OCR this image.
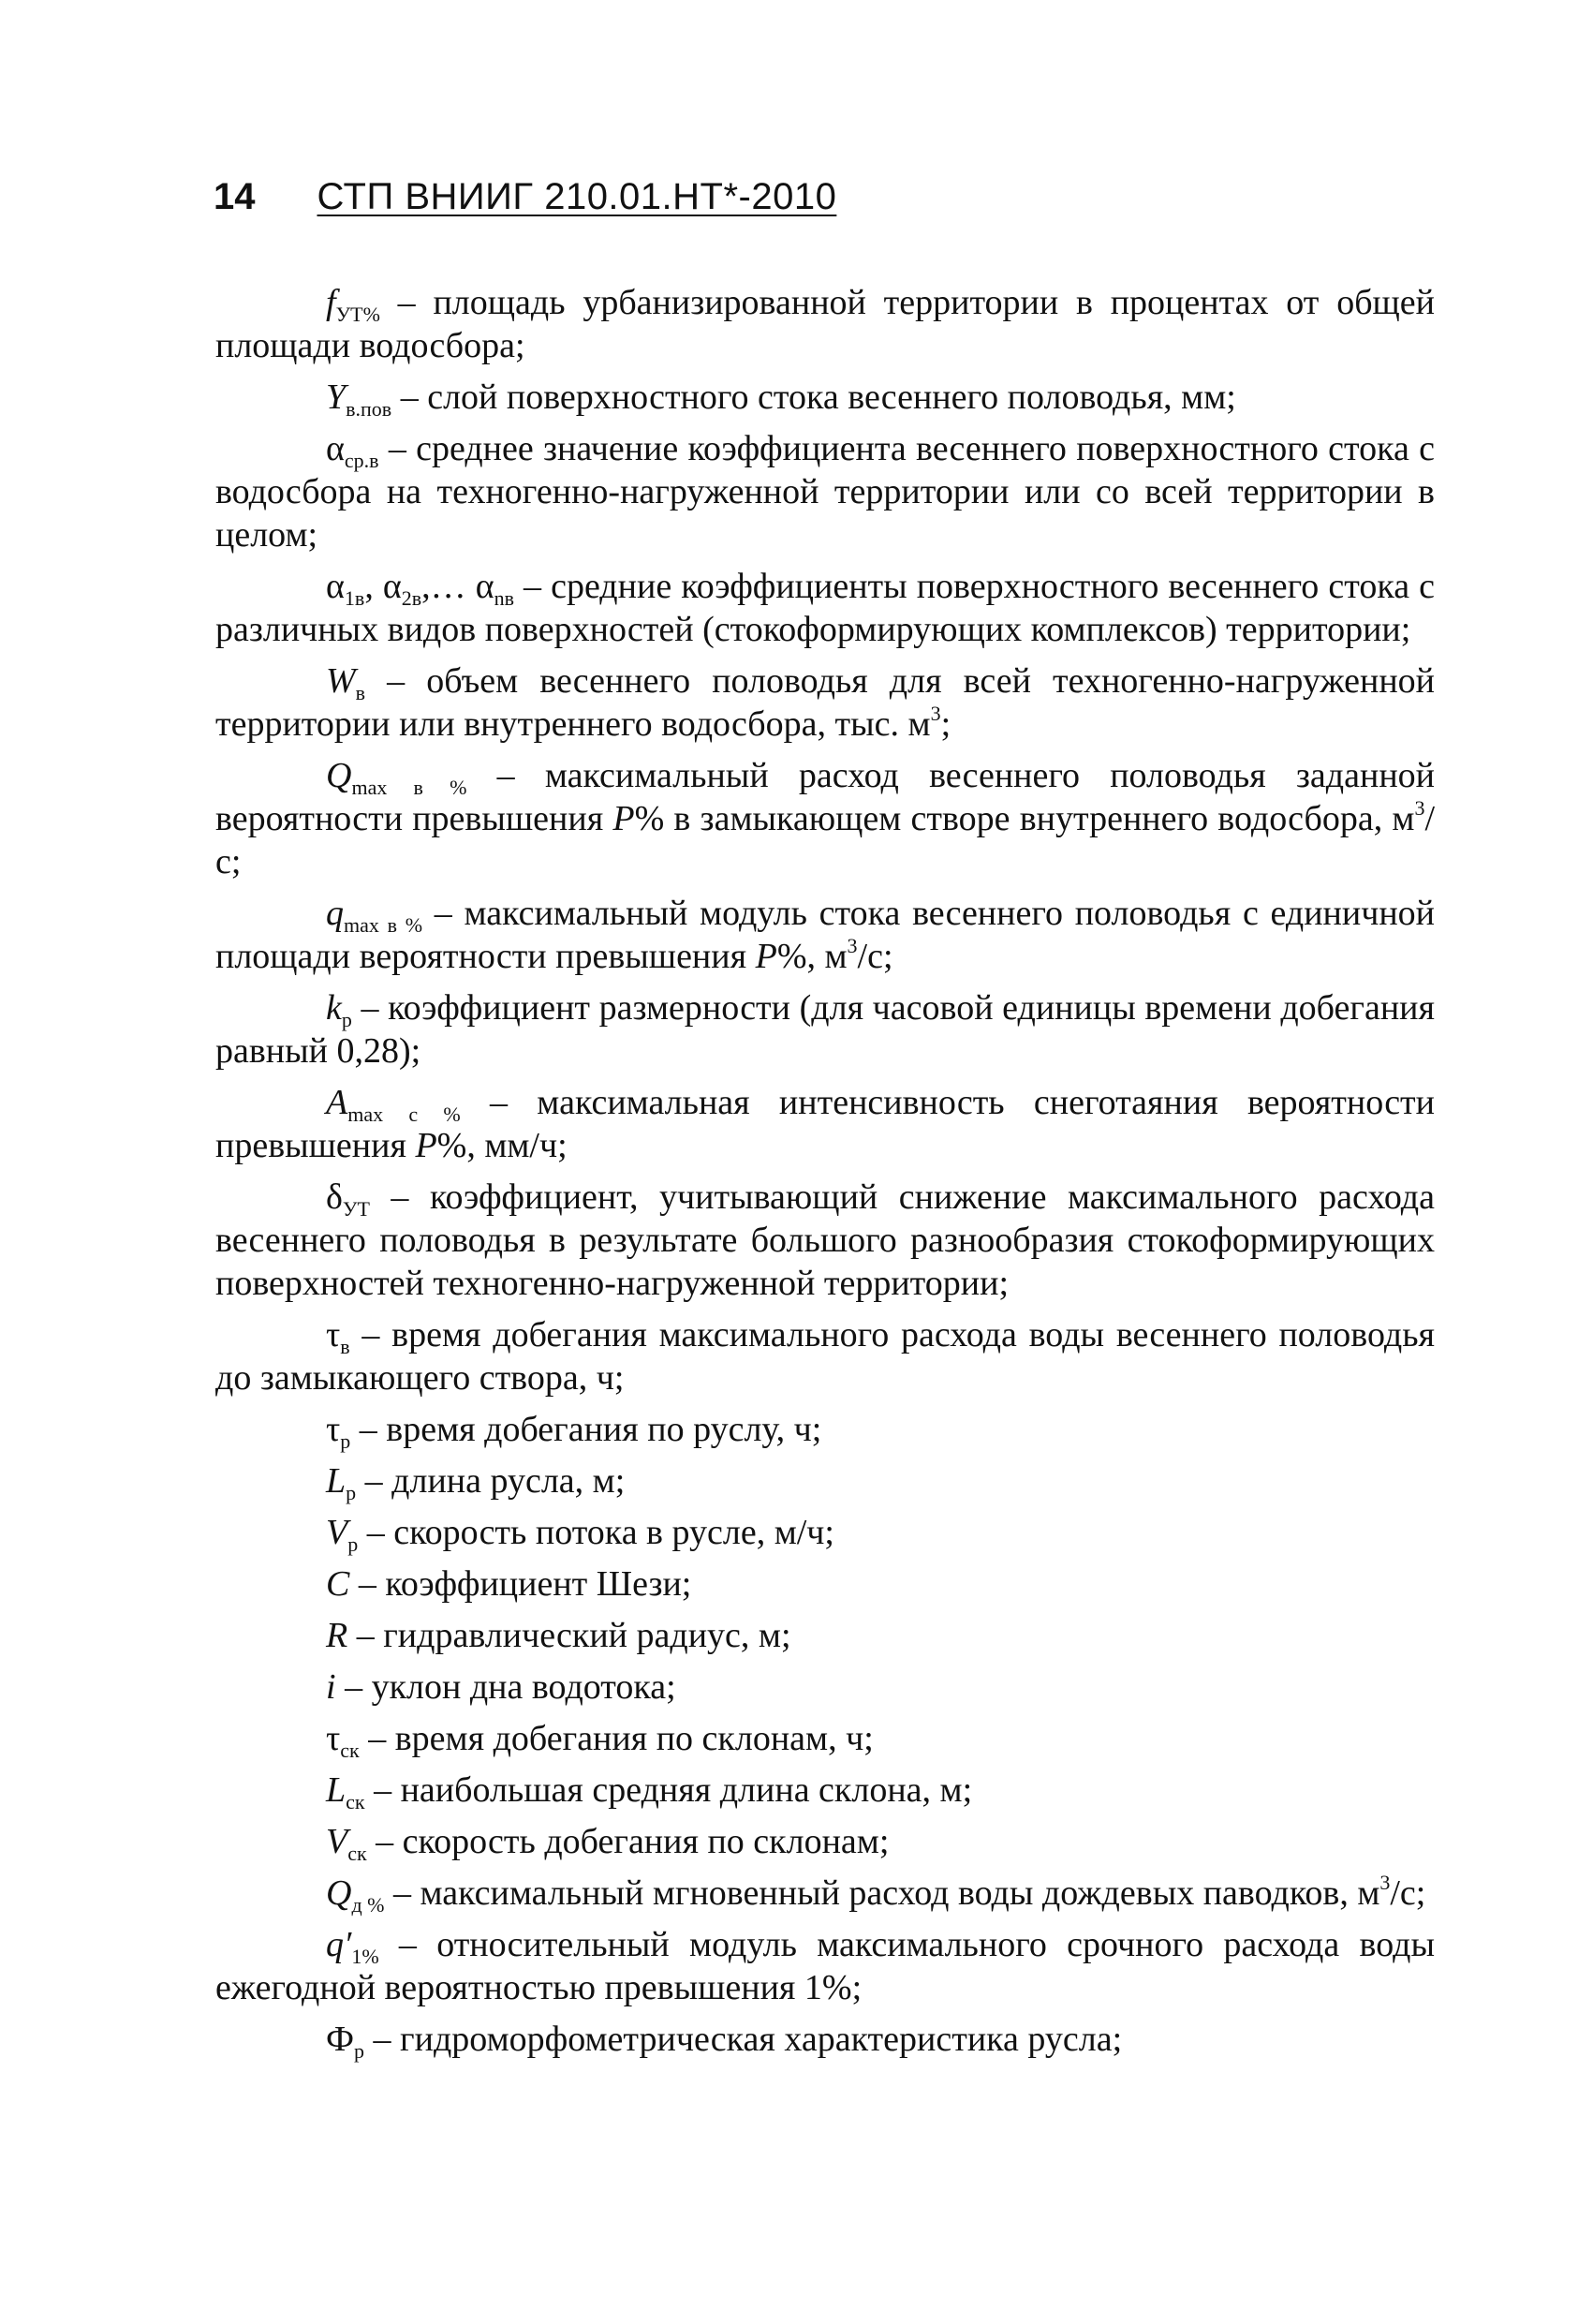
14 СТП ВНИИГ 210.01.НТ*-2010

$f_{УТ\%}$ – площадь урбанизированной территории в процентах от общей площади водосбора;

$Y_{в.пов}$ – слой поверхностного стока весеннего половодья, мм;

$\alpha_{ср.в}$ – среднее значение коэффициента весеннего поверхностного стока с водосбора на техногенно-нагруженной территории или со всей территории в целом;

$\alpha_{1в}$, $\alpha_{2в},\dots$ $\alpha_{nв}$ – средние коэффициенты поверхностного весеннего стока с различных видов поверхностей (стокоформирующих комплексов) территории;

$W_в$ – объем весеннего половодья для всей техногенно-нагруженной территории или внутреннего водосбора, тыс. $м^3$;

$Q_{max в \%}$ – максимальный расход весеннего половодья заданной вероятности превышения P% в замыкающем створе внутреннего водосбора, $м^3/с$;

$q_{max в \%}$ – максимальный модуль стока весеннего половодья с единичной площади вероятности превышения P%, $м^3/с$;

$k_р$ – коэффициент размерности (для часовой единицы времени добегания равный 0,28);

$A_{max с \%}$ – максимальная интенсивность снеготаяния вероятности превышения P%, мм/ч;

$\delta_{УТ}$ – коэффициент, учитывающий снижение максимального расхода весеннего половодья в результате большого разнообразия стокоформирующих поверхностей техногенно-нагруженной территории;

$\tau_в$ – время добегания максимального расхода воды весеннего половодья до замыкающего створа, ч;

$\tau_р$ – время добегания по руслу, ч;

$L_р$ – длина русла, м;

$V_р$ – скорость потока в русле, м/ч;

C – коэффициент Шези;

R – гидравлический радиус, м;

i – уклон дна водотока;

$\tau_{ск}$ – время добегания по склонам, ч;

$L_{ск}$ – наибольшая средняя длина склона, м;

$V_{ск}$ – скорость добегания по склонам;

$Q_{д \%}$ – максимальный мгновенный расход воды дождевых паводков, $м^3/с$;

$q'_{1\%}$ – относительный модуль максимального срочного расхода воды ежегодной вероятностью превышения 1%;

$Ф_р$ – гидроморфометрическая характеристика русла;
